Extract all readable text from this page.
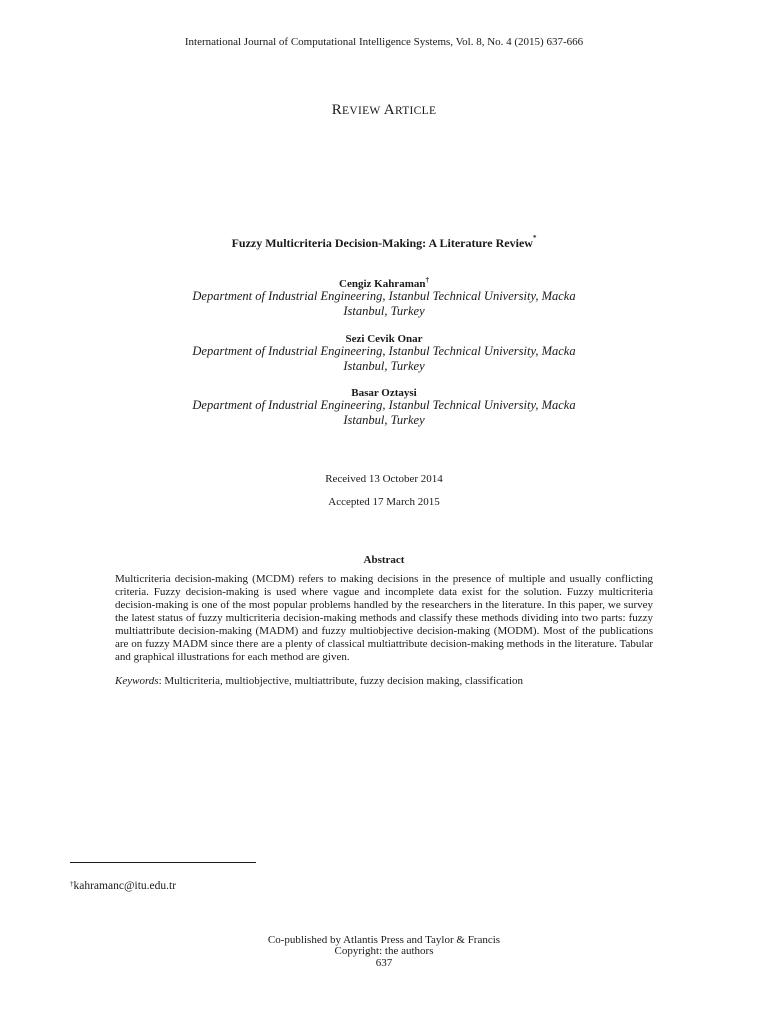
International Journal of Computational Intelligence Systems, Vol. 8, No. 4 (2015) 637-666
REVIEW ARTICLE
Fuzzy Multicriteria Decision-Making: A Literature Review*
Cengiz Kahraman†
Department of Industrial Engineering, Istanbul Technical University, Macka
Istanbul, Turkey
Sezi Cevik Onar
Department of Industrial Engineering, Istanbul Technical University, Macka
Istanbul, Turkey
Basar Oztaysi
Department of Industrial Engineering, Istanbul Technical University, Macka
Istanbul, Turkey
Received 13 October 2014
Accepted 17 March 2015
Abstract
Multicriteria decision-making (MCDM) refers to making decisions in the presence of multiple and usually conflicting criteria. Fuzzy decision-making is used where vague and incomplete data exist for the solution. Fuzzy multicriteria decision-making is one of the most popular problems handled by the researchers in the literature. In this paper, we survey the latest status of fuzzy multicriteria decision-making methods and classify these methods dividing into two parts: fuzzy multiattribute decision-making (MADM) and fuzzy multiobjective decision-making (MODM). Most of the publications are on fuzzy MADM since there are a plenty of classical multiattribute decision-making methods in the literature. Tabular and graphical illustrations for each method are given.
Keywords: Multicriteria, multiobjective, multiattribute, fuzzy decision making, classification
†kahramanc@itu.edu.tr
Co-published by Atlantis Press and Taylor & Francis
Copyright: the authors
637
